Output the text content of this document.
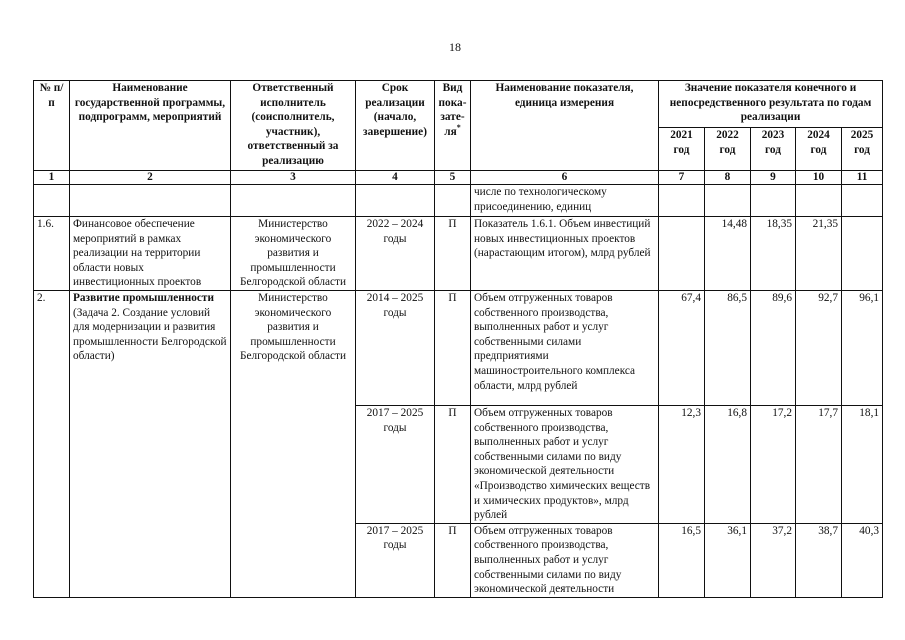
18
№ п/п	Наименование государственной программы, подпрограмм, мероприятий	Ответственный исполнитель (соисполнитель, участник), ответственный за реализацию	Срок реализации (начало, завершение)	Вид пока-зате-ля*	Наименование показателя, единица измерения	Значение показателя конечного и непосредственного результата по годам реализации				
						2021 год	2022 год	2023 год	2024 год	2025 год
1	2	3	4	5	6	7	8	9	10	11
					числе по технологическому присоединению, единиц					
1.6.	Финансовое обеспечение мероприятий в рамках реализации на территории области новых инвестиционных проектов	Министерство экономического развития и промышленности Белгородской области	2022 – 2024 годы	П	Показатель 1.6.1. Объем инвестиций новых инвестиционных проектов (нарастающим итогом), млрд рублей		14,48	18,35	21,35	
2.	Развитие промышленности (Задача 2. Создание условий для модернизации и развития промышленности Белгородской области)	Министерство экономического развития и промышленности Белгородской области	2014 – 2025 годы	П	Объем отгруженных товаров собственного производства, выполненных работ и услуг собственными силами предприятиями машиностроительного комплекса области, млрд рублей	67,4	86,5	89,6	92,7	96,1
			2017 – 2025 годы	П	Объем отгруженных товаров собственного производства, выполненных работ и услуг собственными силами по виду экономической деятельности «Производство химических веществ и химических продуктов», млрд рублей	12,3	16,8	17,2	17,7	18,1
			2017 – 2025 годы	П	Объем отгруженных товаров собственного производства, выполненных работ и услуг собственными силами по виду экономической деятельности	16,5	36,1	37,2	38,7	40,3
